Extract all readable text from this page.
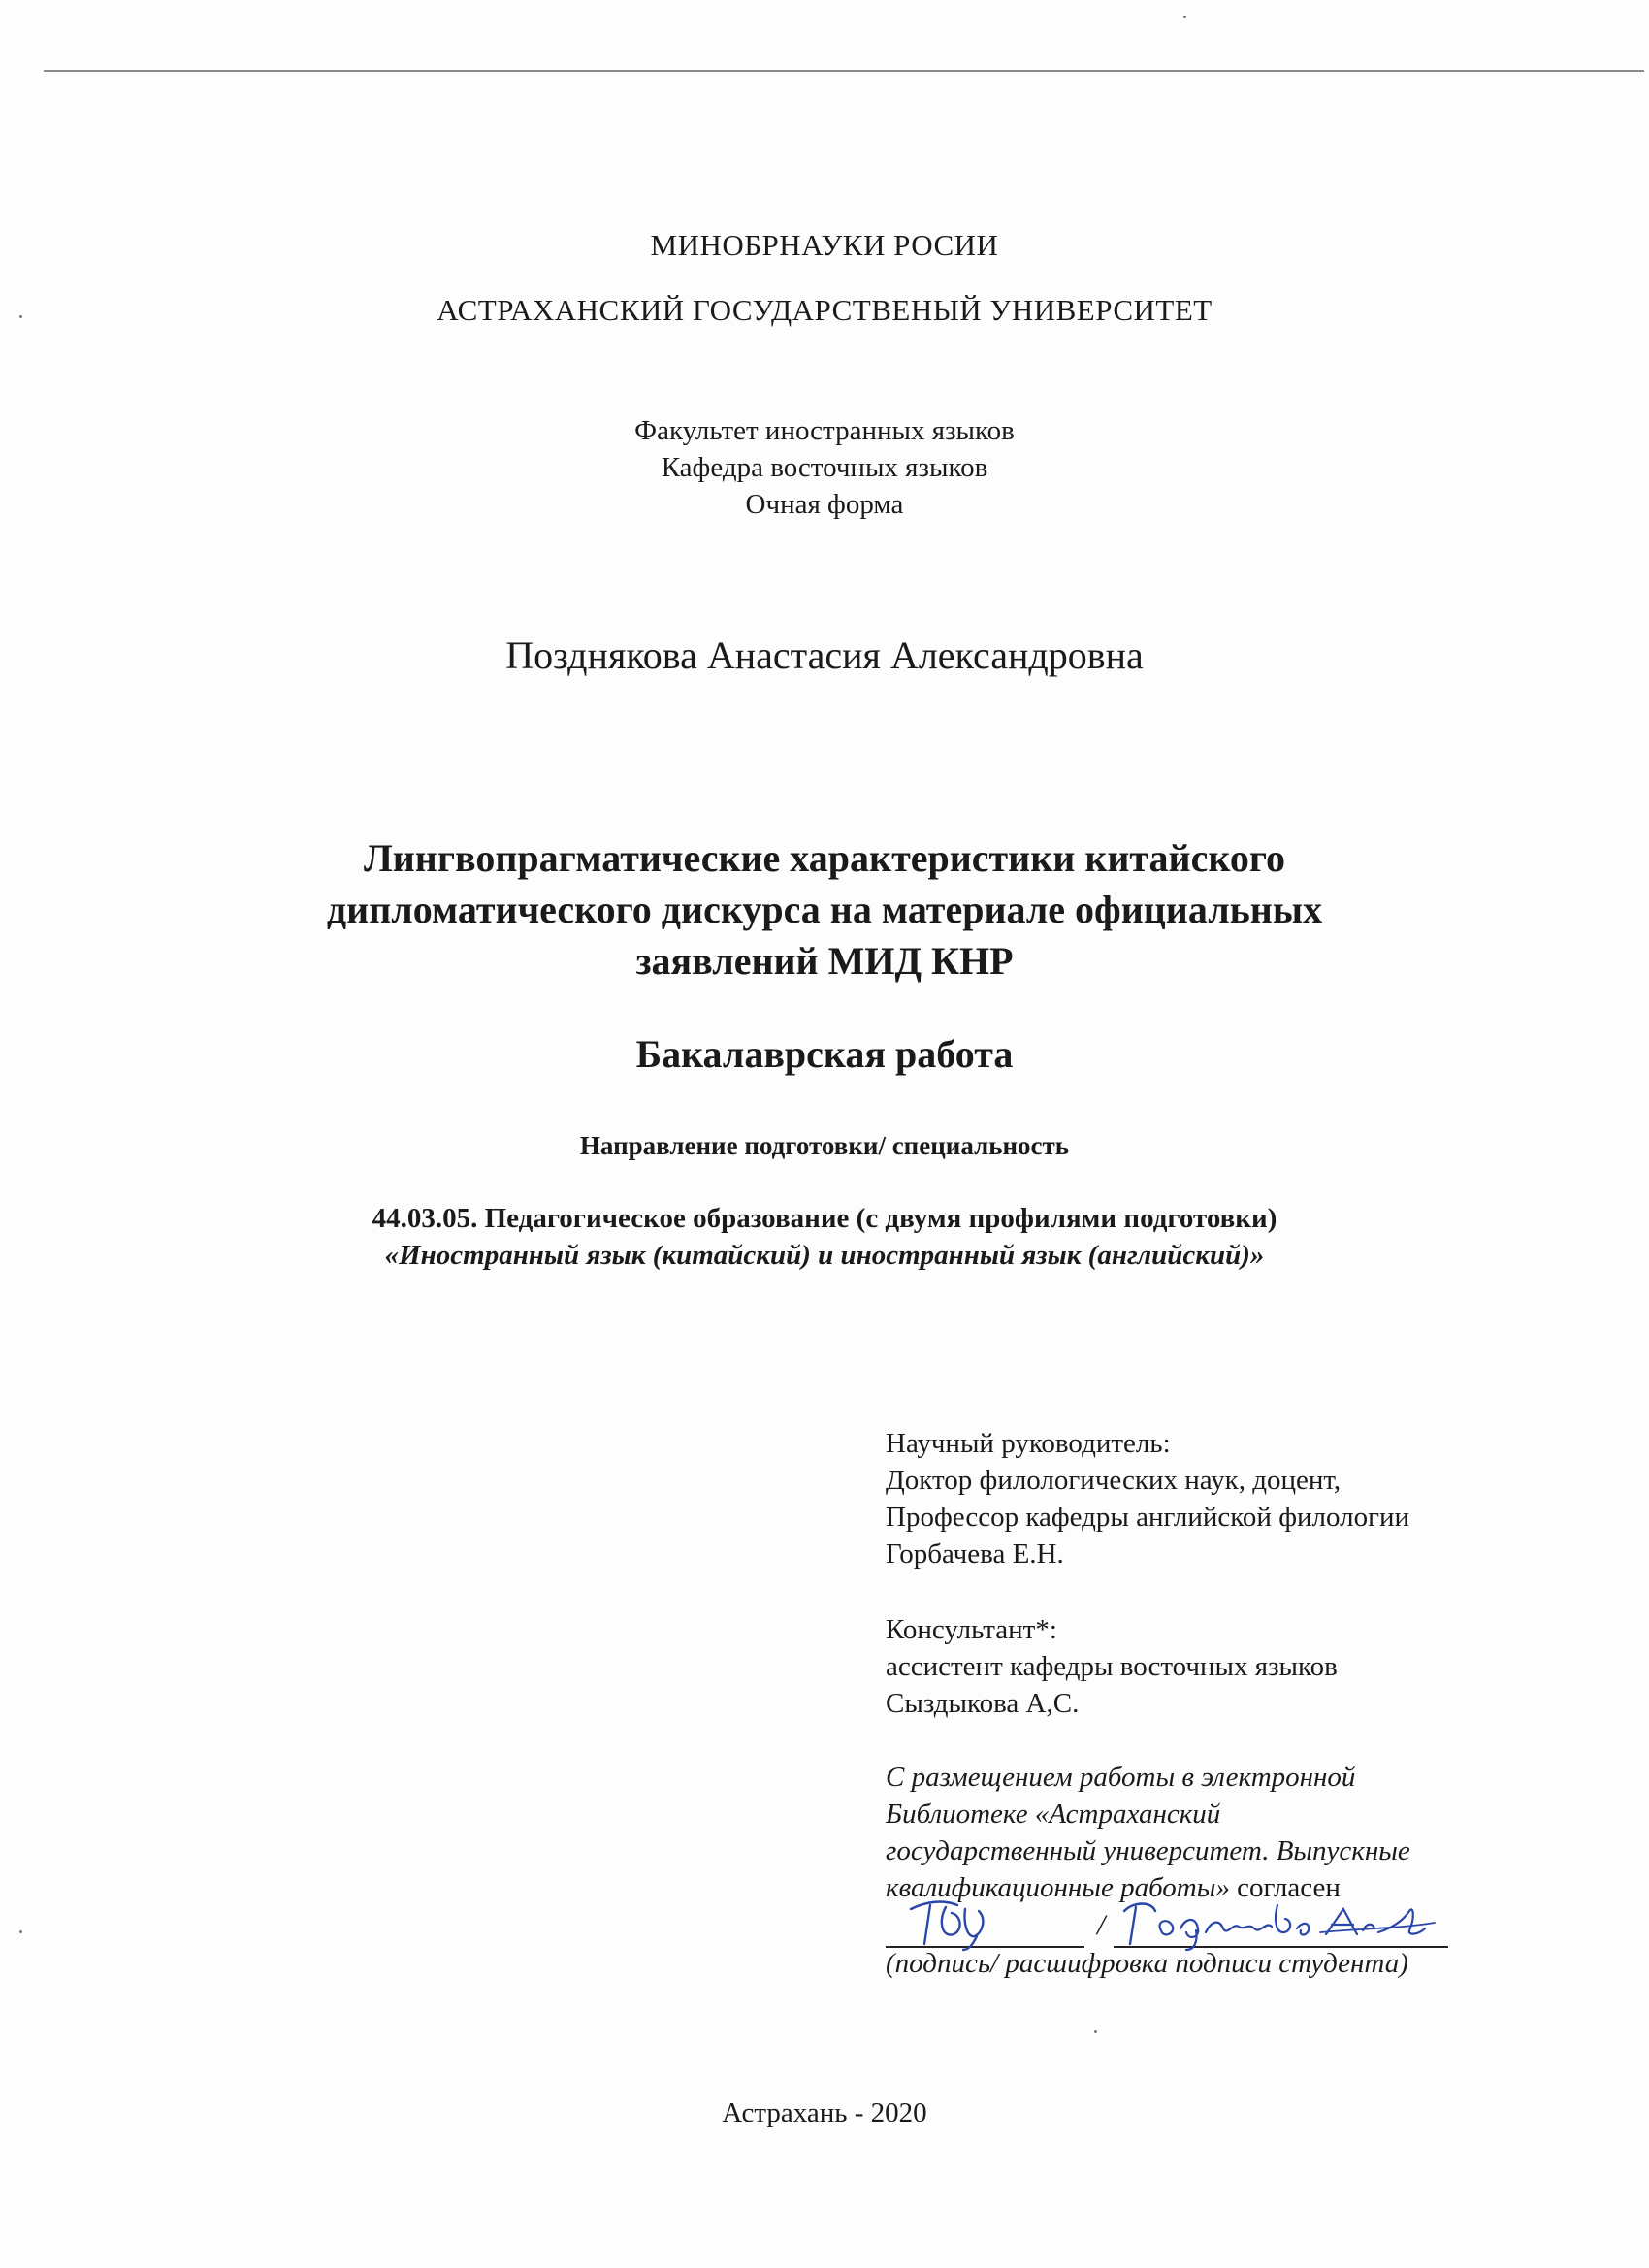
МИНОБРНАУКИ РОСИИ
АСТРАХАНСКИЙ ГОСУДАРСТВЕНЫЙ УНИВЕРСИТЕТ
Факультет иностранных языков
Кафедра восточных языков
Очная форма
Позднякова Анастасия Александровна
Лингвопрагматические характеристики китайского
дипломатического дискурса на материале официальных
заявлений МИД КНР
Бакалаврская работа
Направление подготовки/ специальность
44.03.05. Педагогическое образование (с двумя профилями подготовки)
«Иностранный язык (китайский) и иностранный язык (английский)»
Научный руководитель:
Доктор филологических наук, доцент,
Профессор кафедры английской филологии
Горбачева Е.Н.
Консультант*:
ассистент кафедры восточных языков
Сыздыкова А,С.
С размещением работы в электронной
Библиотеке «Астраханский
государственный университет. Выпускные
квалификационные работы» согласен
/
(подпись/ расшифровка подписи студента)
Астрахань - 2020
